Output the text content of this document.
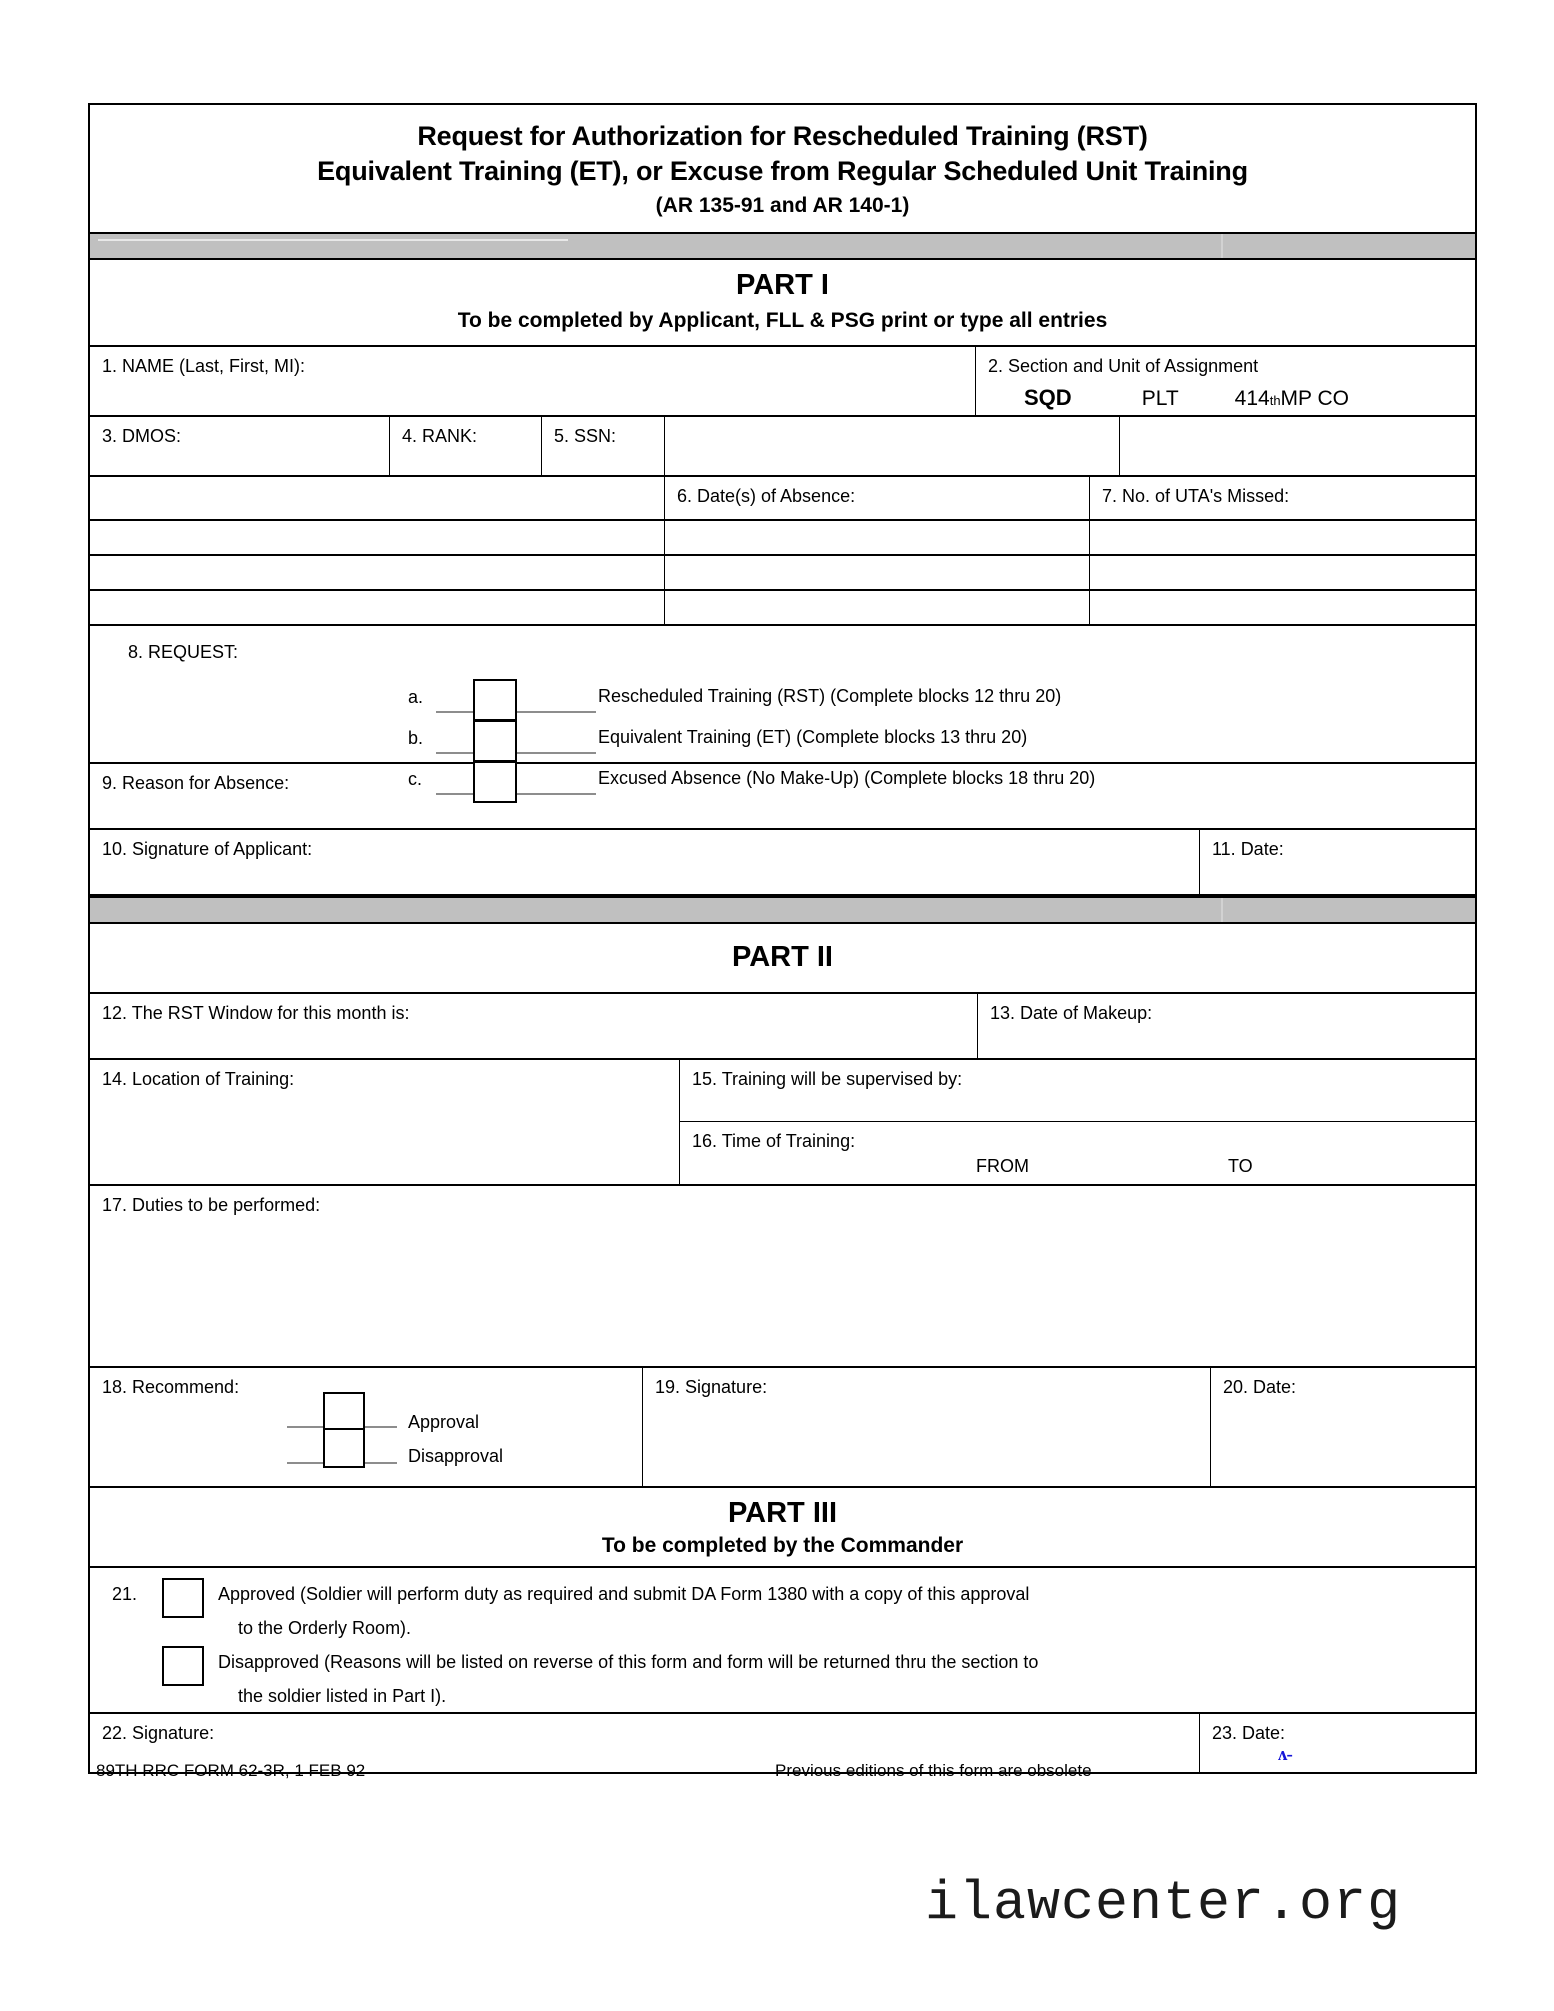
Request for Authorization for Rescheduled Training (RST)
Equivalent Training (ET), or Excuse from Regular Scheduled Unit Training
(AR 135-91 and AR 140-1)
PART I
To be completed by Applicant, FLL & PSG print or type all entries
1. NAME (Last, First, MI):	2. Section and Unit of Assignment
SQD	PLT	414 th MP CO
3. DMOS:	4. RANK:	5. SSN:
6. Date(s) of Absence:	7. No. of UTA's Missed:
8. REQUEST:
a.	Rescheduled Training (RST) (Complete blocks 12 thru 20)
b.	Equivalent Training (ET) (Complete blocks 13 thru 20)
c.	Excused Absence (No Make-Up) (Complete blocks 18 thru 20)
9. Reason for Absence:
10. Signature of Applicant:	11. Date:
PART II
12. The RST Window for this month is:	13. Date of Makeup:
14. Location of Training:	15. Training will be supervised by:
16. Time of Training:
FROM	TO
17. Duties to be performed:
18. Recommend:
Approval
Disapproval
19. Signature:	20. Date:
PART III
To be completed by the Commander
21.	Approved (Soldier will perform duty as required and submit DA Form 1380 with a copy of this approval
to the Orderly Room).
Disapproved (Reasons will be listed on reverse of this form and form will be returned thru the section to
the soldier listed in Part I).
22. Signature:	23. Date:
ʌ-
89TH RRC FORM 62-3R, 1 FEB 92	Previous editions of this form are obsolete
ilawcenter.org
